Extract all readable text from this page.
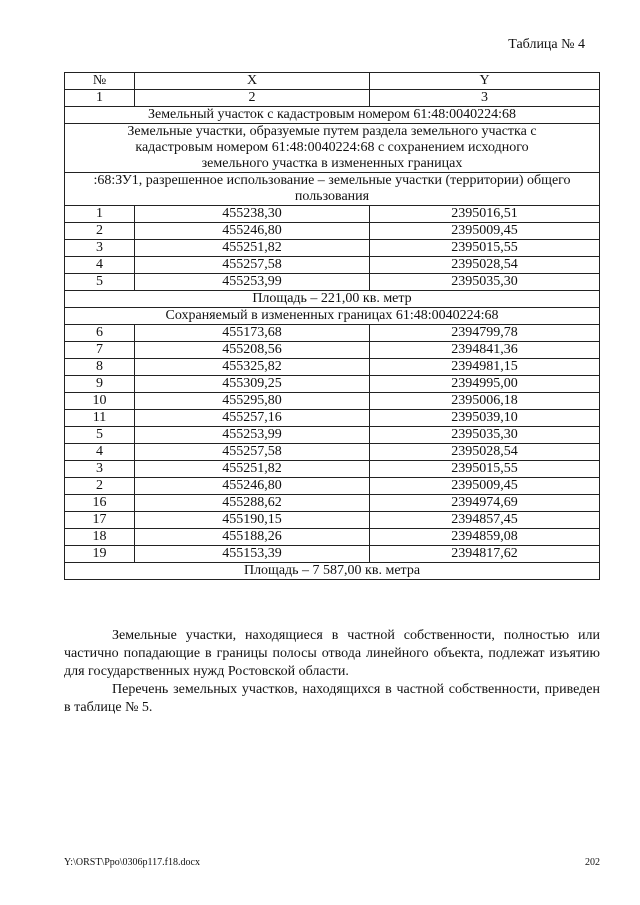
Таблица № 4
№	X	Y
1	2	3
Земельный участок с кадастровым номером 61:48:0040224:68		
Земельные участки, образуемые путем раздела земельного участка с кадастровым номером 61:48:0040224:68 с сохранением исходного земельного участка в измененных границах		
:68:ЗУ1, разрешенное использование – земельные участки (территории) общего пользования		
1	455238,30	2395016,51
2	455246,80	2395009,45
3	455251,82	2395015,55
4	455257,58	2395028,54
5	455253,99	2395035,30
Площадь – 221,00 кв. метр		
Сохраняемый в измененных границах 61:48:0040224:68		
6	455173,68	2394799,78
7	455208,56	2394841,36
8	455325,82	2394981,15
9	455309,25	2394995,00
10	455295,80	2395006,18
11	455257,16	2395039,10
5	455253,99	2395035,30
4	455257,58	2395028,54
3	455251,82	2395015,55
2	455246,80	2395009,45
16	455288,62	2394974,69
17	455190,15	2394857,45
18	455188,26	2394859,08
19	455153,39	2394817,62
Площадь – 7 587,00 кв. метра		

Земельные участки, находящиеся в частной собственности, полностью или частично попадающие в границы полосы отвода линейного объекта, подлежат изъятию для государственных нужд Ростовской области.

Перечень земельных участков, находящихся в частной собственности, приведен в таблице № 5.

Y:\ORST\Ppo\0306p117.f18.docx	202
